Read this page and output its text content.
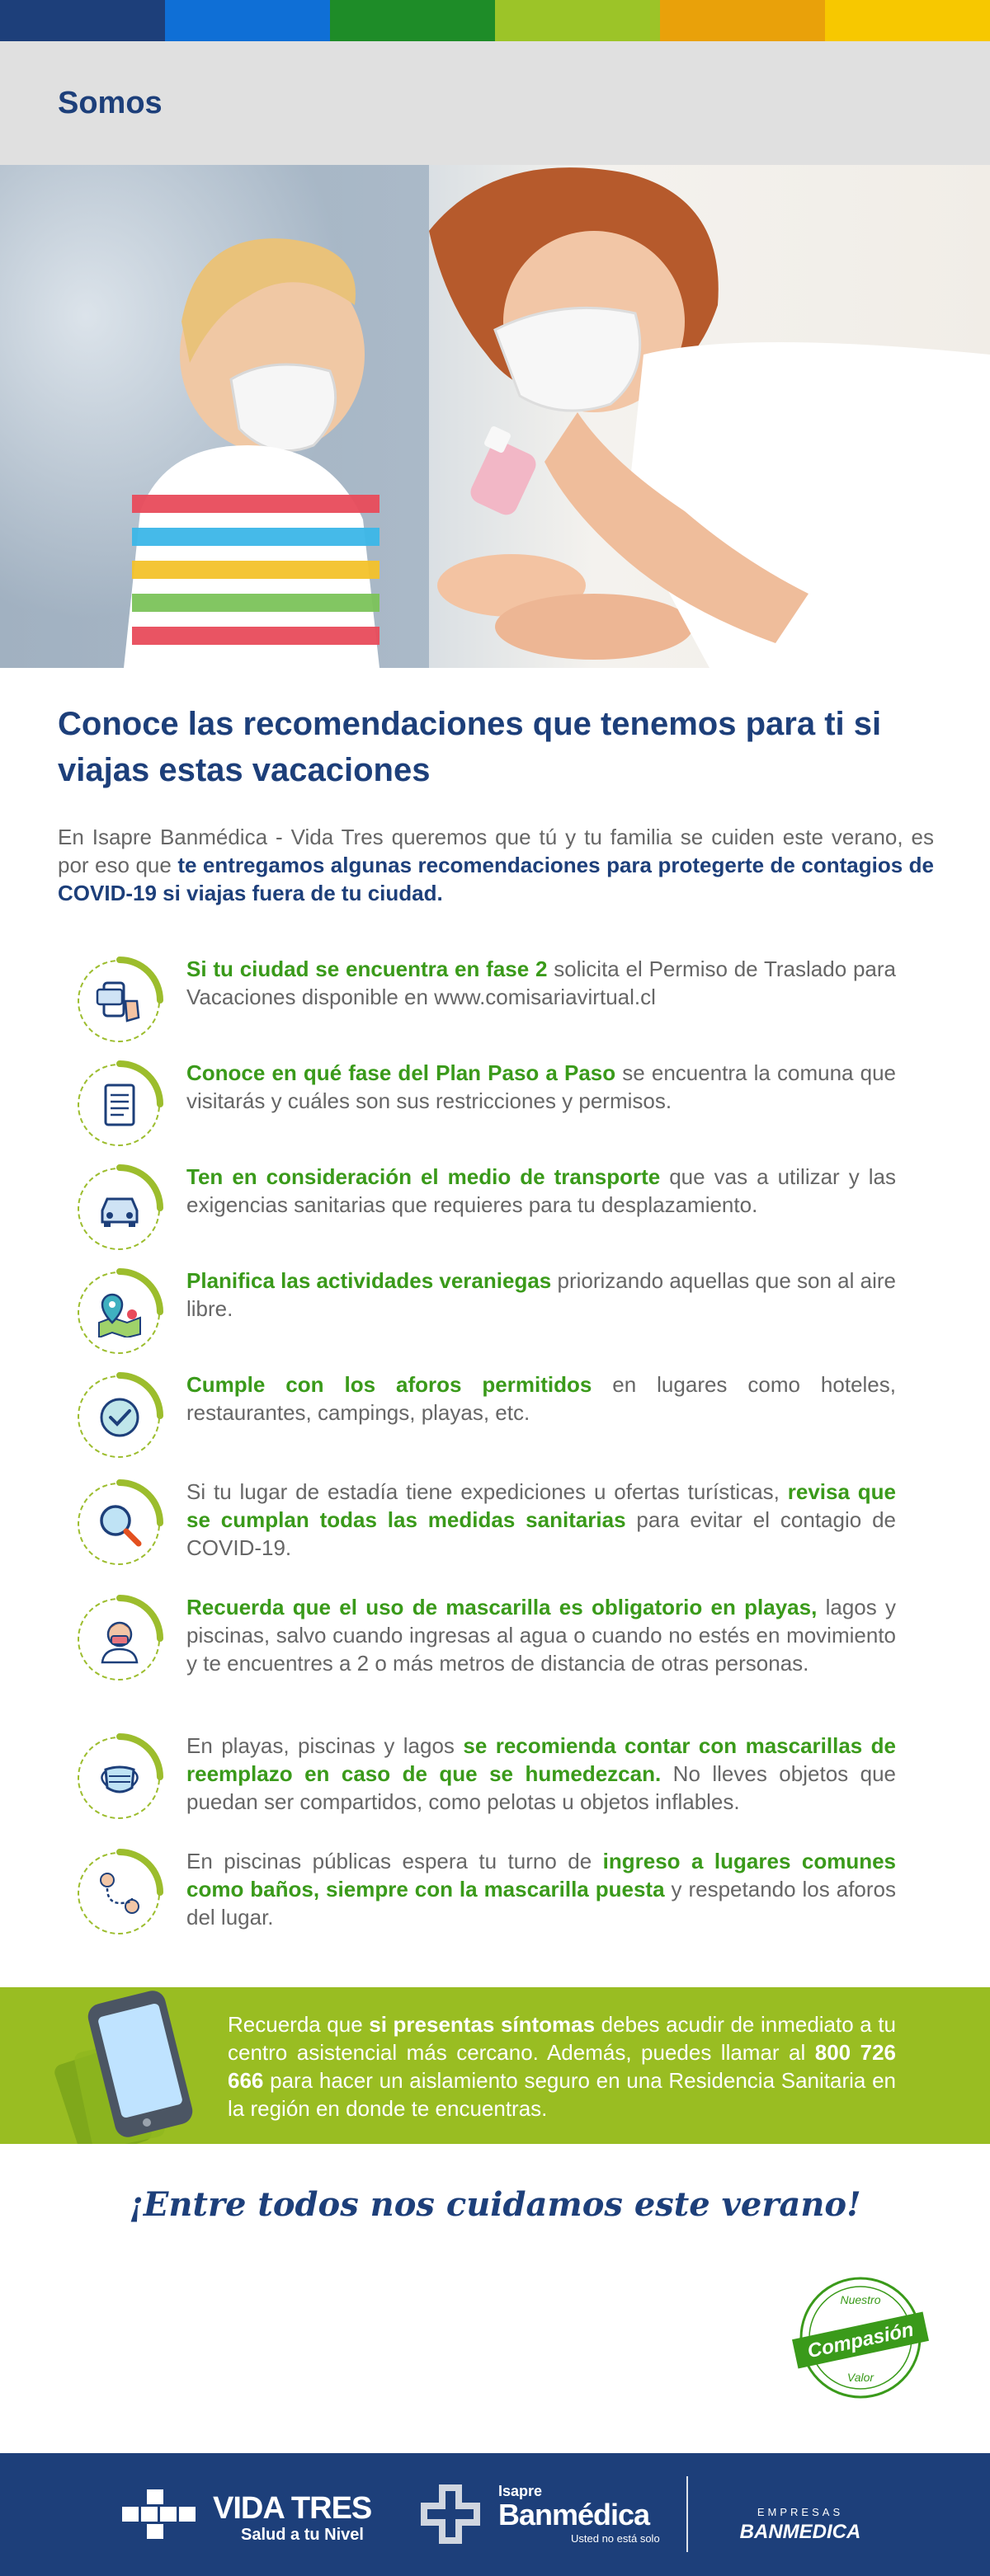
Somos
Conoce las recomendaciones que tenemos para ti si viajas estas vacaciones

En Isapre Banmédica - Vida Tres queremos que tú y tu familia se cuiden este verano, es por eso que te entregamos algunas recomendaciones para protegerte de contagios de COVID-19 si viajas fuera de tu ciudad.

Si tu ciudad se encuentra en fase 2 solicita el Permiso de Traslado para Vacaciones disponible en www.comisariavirtual.cl
Conoce en qué fase del Plan Paso a Paso se encuentra la comuna que visitarás y cuáles son sus restricciones y permisos.
Ten en consideración el medio de transporte que vas a utilizar y las exigencias sanitarias que requieres para tu desplazamiento.
Planifica las actividades veraniegas priorizando aquellas que son al aire libre.
Cumple con los aforos permitidos en lugares como hoteles, restaurantes, campings, playas, etc.
Si tu lugar de estadía tiene expediciones u ofertas turísticas, revisa que se cumplan todas las medidas sanitarias para evitar el contagio de COVID-19.
Recuerda que el uso de mascarilla es obligatorio en playas, lagos y piscinas, salvo cuando ingresas al agua o cuando no estés en movimiento y te encuentres a 2 o más metros de distancia de otras personas.
En playas, piscinas y lagos se recomienda contar con mascarillas de reemplazo en caso de que se humedezcan. No lleves objetos que puedan ser compartidos, como pelotas u objetos inflables.
En piscinas públicas espera tu turno de ingreso a lugares comunes como baños, siempre con la mascarilla puesta y respetando los aforos del lugar.
Recuerda que si presentas síntomas debes acudir de inmediato a tu centro asistencial más cercano. Además, puedes llamar al 800 726 666 para hacer un aislamiento seguro en una Residencia Sanitaria en la región en donde te encuentras.
¡Entre todos nos cuidamos este verano!
Nuestro
Compasión
Valor
VIDA TRES
Salud a tu Nivel
Isapre
Banmédica
Usted no está solo
EMPRESAS
BANMEDICA
